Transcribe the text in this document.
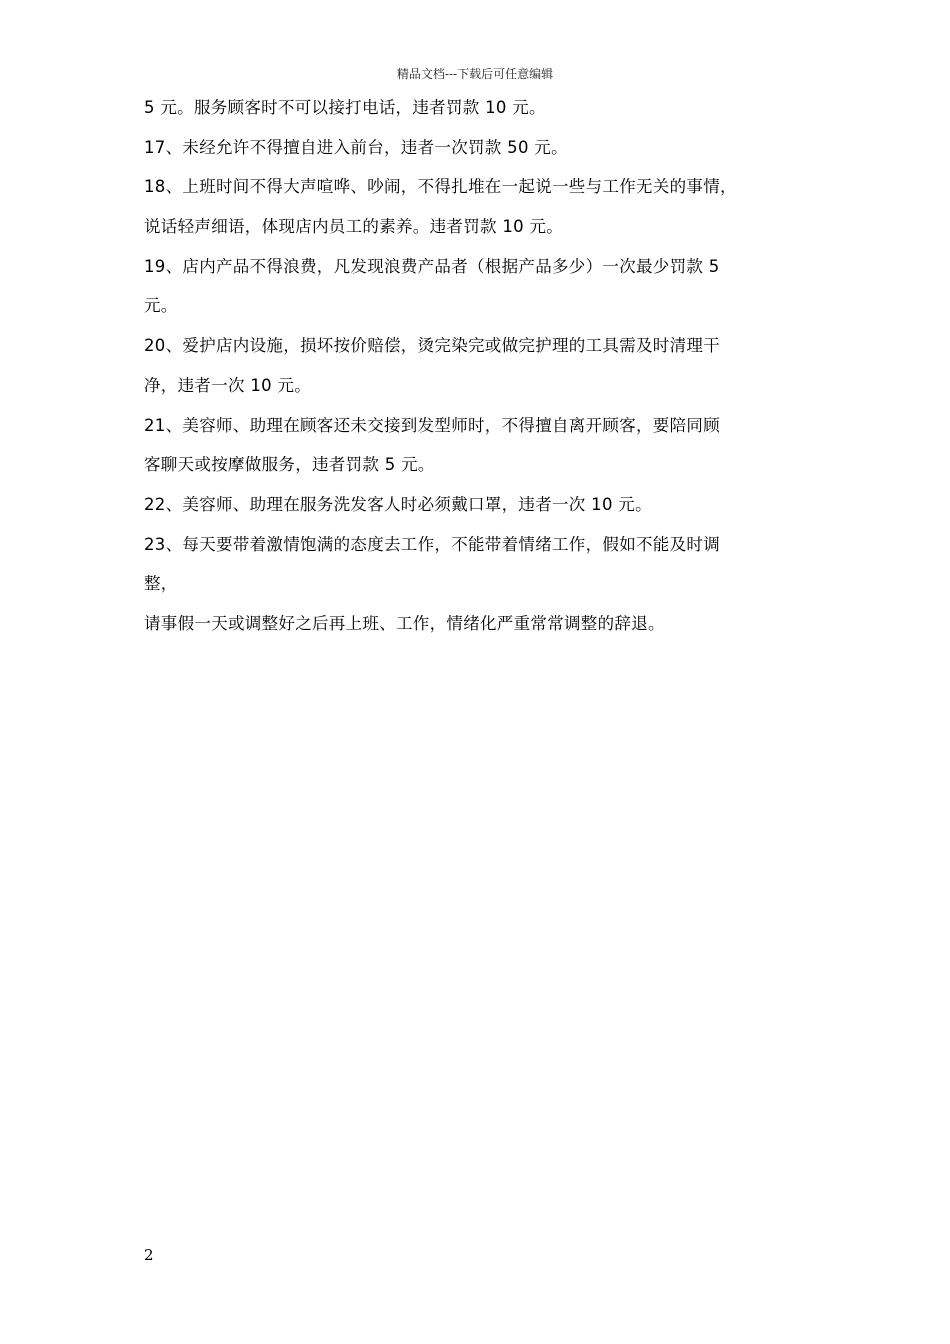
精品文档---下载后可任意编辑
5 元。服务顾客时不可以接打电话，违者罚款 10 元。
17、未经允许不得擅自进入前台，违者一次罚款 50 元。
18、上班时间不得大声喧哗、吵闹，不得扎堆在一起说一些与工作无关的事情，
说话轻声细语，体现店内员工的素养。违者罚款 10 元。
19、店内产品不得浪费，凡发现浪费产品者（根据产品多少）一次最少罚款 5
元。
20、爱护店内设施，损坏按价赔偿，烫完染完或做完护理的工具需及时清理干
净，违者一次 10 元。
21、美容师、助理在顾客还未交接到发型师时，不得擅自离开顾客，要陪同顾
客聊天或按摩做服务，违者罚款 5 元。
22、美容师、助理在服务洗发客人时必须戴口罩，违者一次 10 元。
23、每天要带着激情饱满的态度去工作，不能带着情绪工作，假如不能及时调
整，
请事假一天或调整好之后再上班、工作，情绪化严重常常调整的辞退。
2
